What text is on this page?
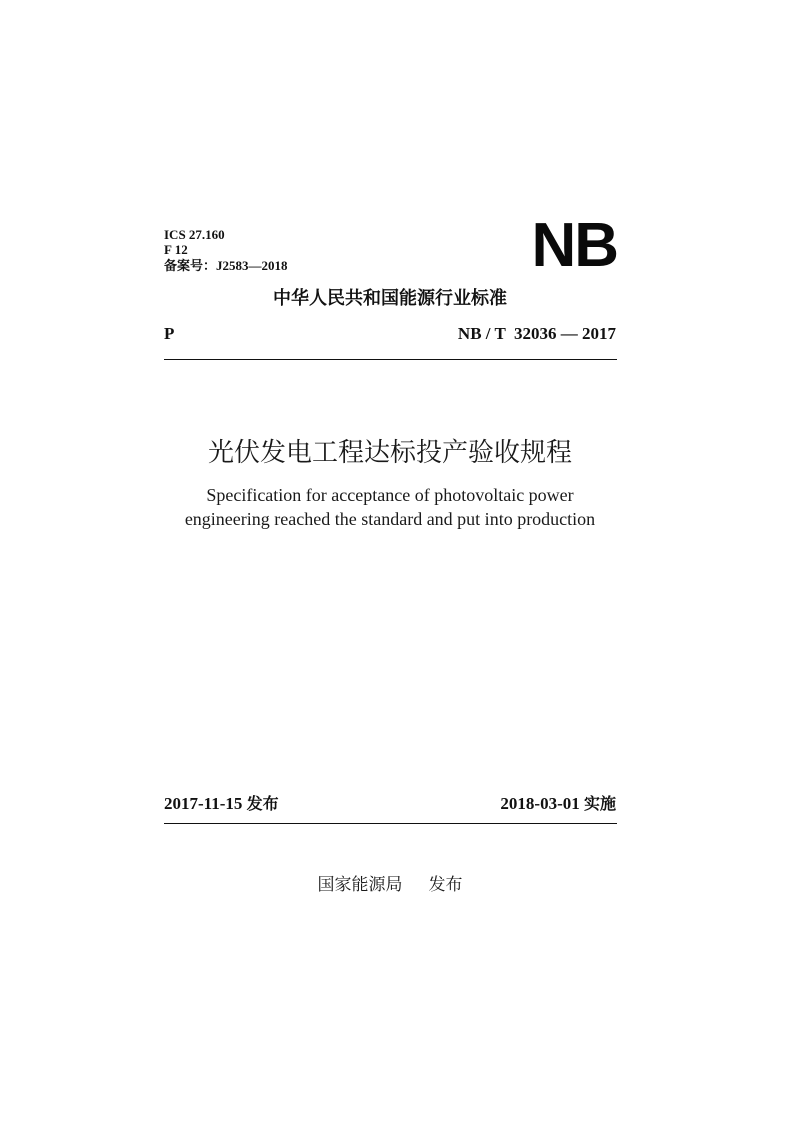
ICS 27.160
F 12
备案号：J2583—2018	NB
中华人民共和国能源行业标准
P	NB / T  32036 — 2017
光伏发电工程达标投产验收规程
Specification for acceptance of photovoltaic power
engineering reached the standard and put into production
2017-11-15 发布	2018-03-01 实施
国家能源局 发布
